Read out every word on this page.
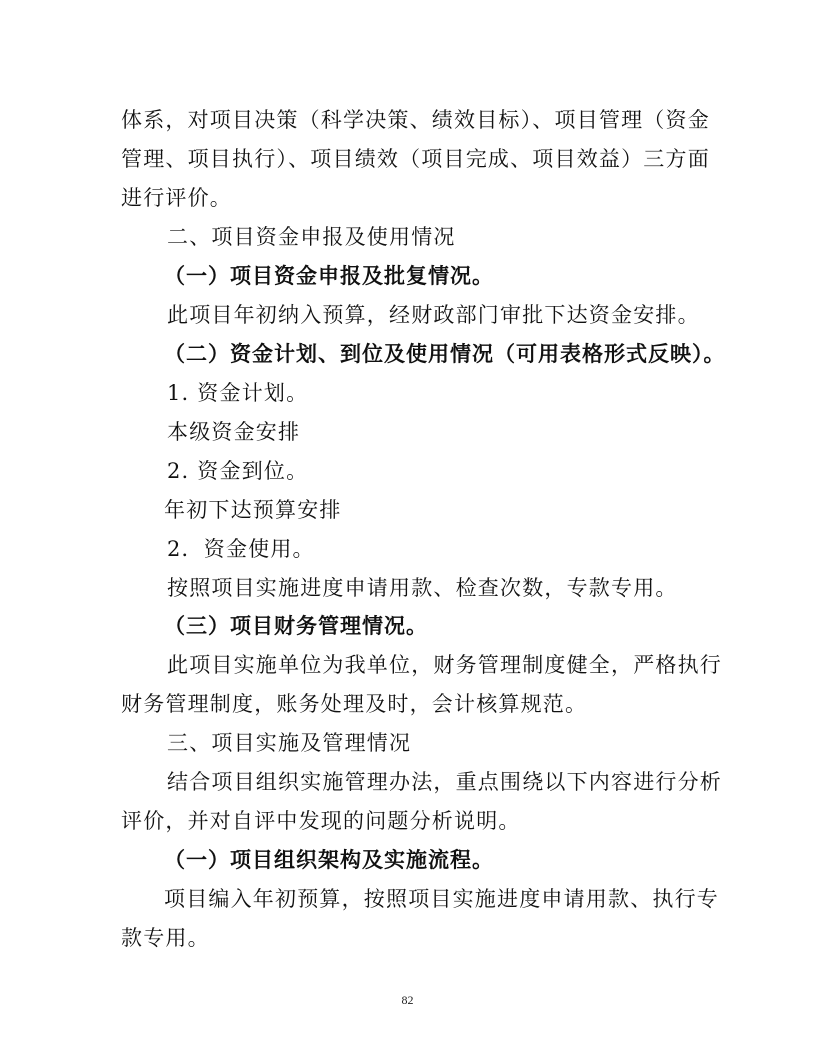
体系，对项目决策（科学决策、绩效目标）、项目管理（资金
管理、项目执行）、项目绩效（项目完成、项目效益）三方面
进行评价。
二、项目资金申报及使用情况
（一）项目资金申报及批复情况。
此项目年初纳入预算，经财政部门审批下达资金安排。
（二）资金计划、到位及使用情况（可用表格形式反映）。
1. 资金计划。
本级资金安排
2. 资金到位。
年初下达预算安排
2．资金使用。
按照项目实施进度申请用款、检查次数，专款专用。
（三）项目财务管理情况。
此项目实施单位为我单位，财务管理制度健全，严格执行
财务管理制度，账务处理及时，会计核算规范。
三、项目实施及管理情况
结合项目组织实施管理办法，重点围绕以下内容进行分析
评价，并对自评中发现的问题分析说明。
（一）项目组织架构及实施流程。
项目编入年初预算，按照项目实施进度申请用款、执行专
款专用。
82
